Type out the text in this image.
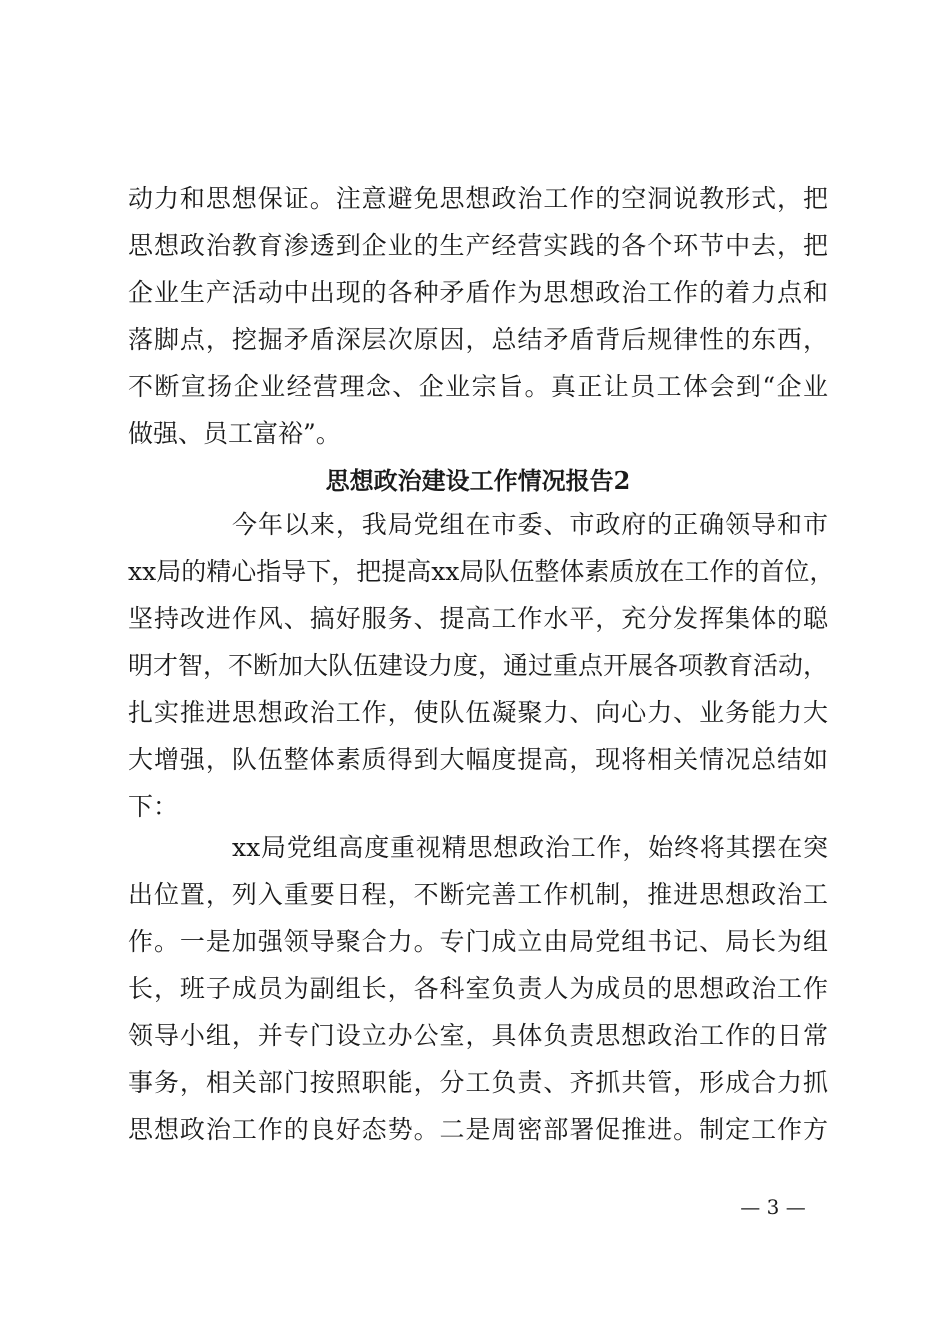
动力和思想保证。注意避免思想政治工作的空洞说教形式，把
思想政治教育渗透到企业的生产经营实践的各个环节中去，把
企业生产活动中出现的各种矛盾作为思想政治工作的着力点和
落脚点，挖掘矛盾深层次原因，总结矛盾背后规律性的东西，
不断宣扬企业经营理念、企业宗旨。真正让员工体会到“企业
做强、员工富裕”。
思想政治建设工作情况报告2
今年以来，我局党组在市委、市政府的正确领导和市
xx局的精心指导下，把提高xx局队伍整体素质放在工作的首位，
坚持改进作风、搞好服务、提高工作水平，充分发挥集体的聪
明才智，不断加大队伍建设力度，通过重点开展各项教育活动，
扎实推进思想政治工作，使队伍凝聚力、向心力、业务能力大
大增强，队伍整体素质得到大幅度提高，现将相关情况总结如
下：
xx局党组高度重视精思想政治工作，始终将其摆在突
出位置，列入重要日程，不断完善工作机制，推进思想政治工
作。一是加强领导聚合力。专门成立由局党组书记、局长为组
长，班子成员为副组长，各科室负责人为成员的思想政治工作
领导小组，并专门设立办公室，具体负责思想政治工作的日常
事务，相关部门按照职能，分工负责、齐抓共管，形成合力抓
思想政治工作的良好态势。二是周密部署促推进。制定工作方
— 3 —
